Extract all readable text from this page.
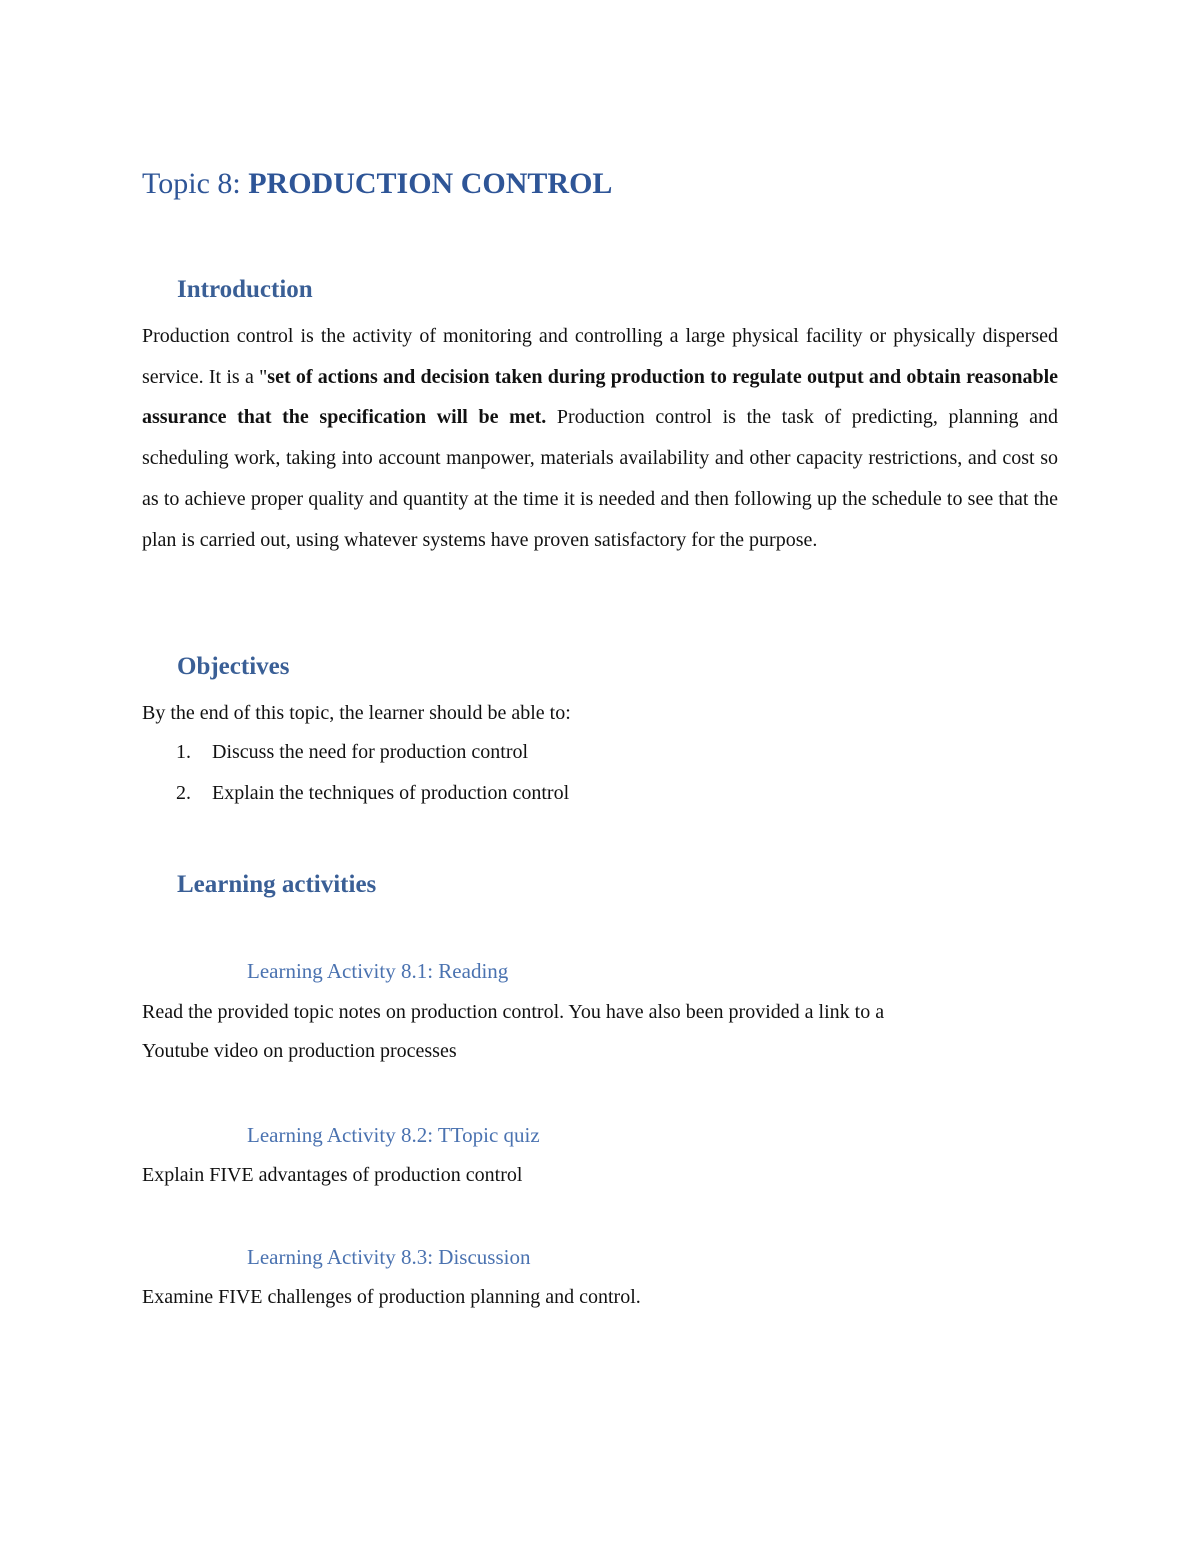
Topic 8: PRODUCTION CONTROL
Introduction
Production control is the activity of monitoring and controlling a large physical facility or physically dispersed service. It is a "set of actions and decision taken during production to regulate output and obtain reasonable assurance that the specification will be met. Production control is the task of predicting, planning and scheduling work, taking into account manpower, materials availability and other capacity restrictions, and cost so as to achieve proper quality and quantity at the time it is needed and then following up the schedule to see that the plan is carried out, using whatever systems have proven satisfactory for the purpose.
Objectives
By the end of this topic, the learner should be able to:
1. Discuss the need for production control
2. Explain the techniques of production control
Learning activities
Learning Activity 8.1: Reading
Read the provided topic notes on production control. You have also been provided a link to a
Youtube video on production processes
Learning Activity 8.2: TTopic quiz
Explain FIVE advantages of production control
Learning Activity 8.3: Discussion
Examine FIVE challenges of production planning and control.
